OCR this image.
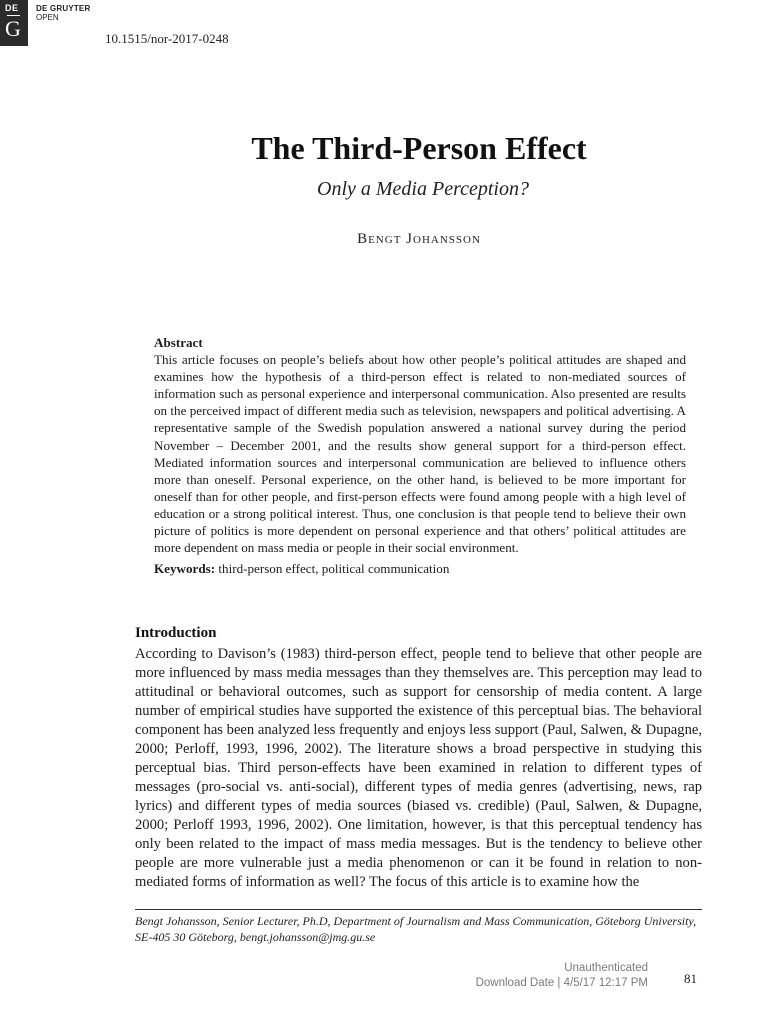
DE
G
DE GRUYTER
OPEN
10.1515/nor-2017-0248
The Third-Person Effect
Only a Media Perception?
Bengt Johansson
Abstract
This article focuses on people’s beliefs about how other people’s political attitudes are shaped and examines how the hypothesis of a third-person effect is related to non-mediated sources of information such as personal experience and interpersonal communication. Also presented are results on the perceived impact of different media such as television, newspapers and political advertising. A representative sample of the Swedish population answered a national survey during the period November – December 2001, and the results show general support for a third-person effect. Mediated information sources and interpersonal communication are believed to influence others more than oneself. Personal experience, on the other hand, is believed to be more important for oneself than for other people, and first-person effects were found among people with a high level of education or a strong political interest. Thus, one conclusion is that people tend to believe their own picture of politics is more dependent on personal experience and that others’ political attitudes are more dependent on mass media or people in their social environment.
Keywords: third-person effect, political communication
Introduction
According to Davison’s (1983) third-person effect, people tend to believe that other people are more influenced by mass media messages than they themselves are. This perception may lead to attitudinal or behavioral outcomes, such as support for censorship of media content. A large number of empirical studies have supported the existence of this perceptual bias. The behavioral component has been analyzed less frequently and enjoys less support (Paul, Salwen, & Dupagne, 2000; Perloff, 1993, 1996, 2002). The literature shows a broad perspective in studying this perceptual bias. Third person-effects have been examined in relation to different types of messages (pro-social vs. anti-social), different types of media genres (advertising, news, rap lyrics) and different types of media sources (biased vs. credible) (Paul, Salwen, & Dupagne, 2000; Perloff 1993, 1996, 2002). One limitation, however, is that this perceptual tendency has only been related to the impact of mass media messages. But is the tendency to believe other people are more vulnerable just a media phenomenon or can it be found in relation to non-mediated forms of information as well? The focus of this article is to examine how the
Bengt Johansson, Senior Lecturer, Ph.D, Department of Journalism and Mass Communication, Göteborg University, SE-405 30 Göteborg, bengt.johansson@jmg.gu.se
Unauthenticated
Download Date | 4/5/17 12:17 PM	81
